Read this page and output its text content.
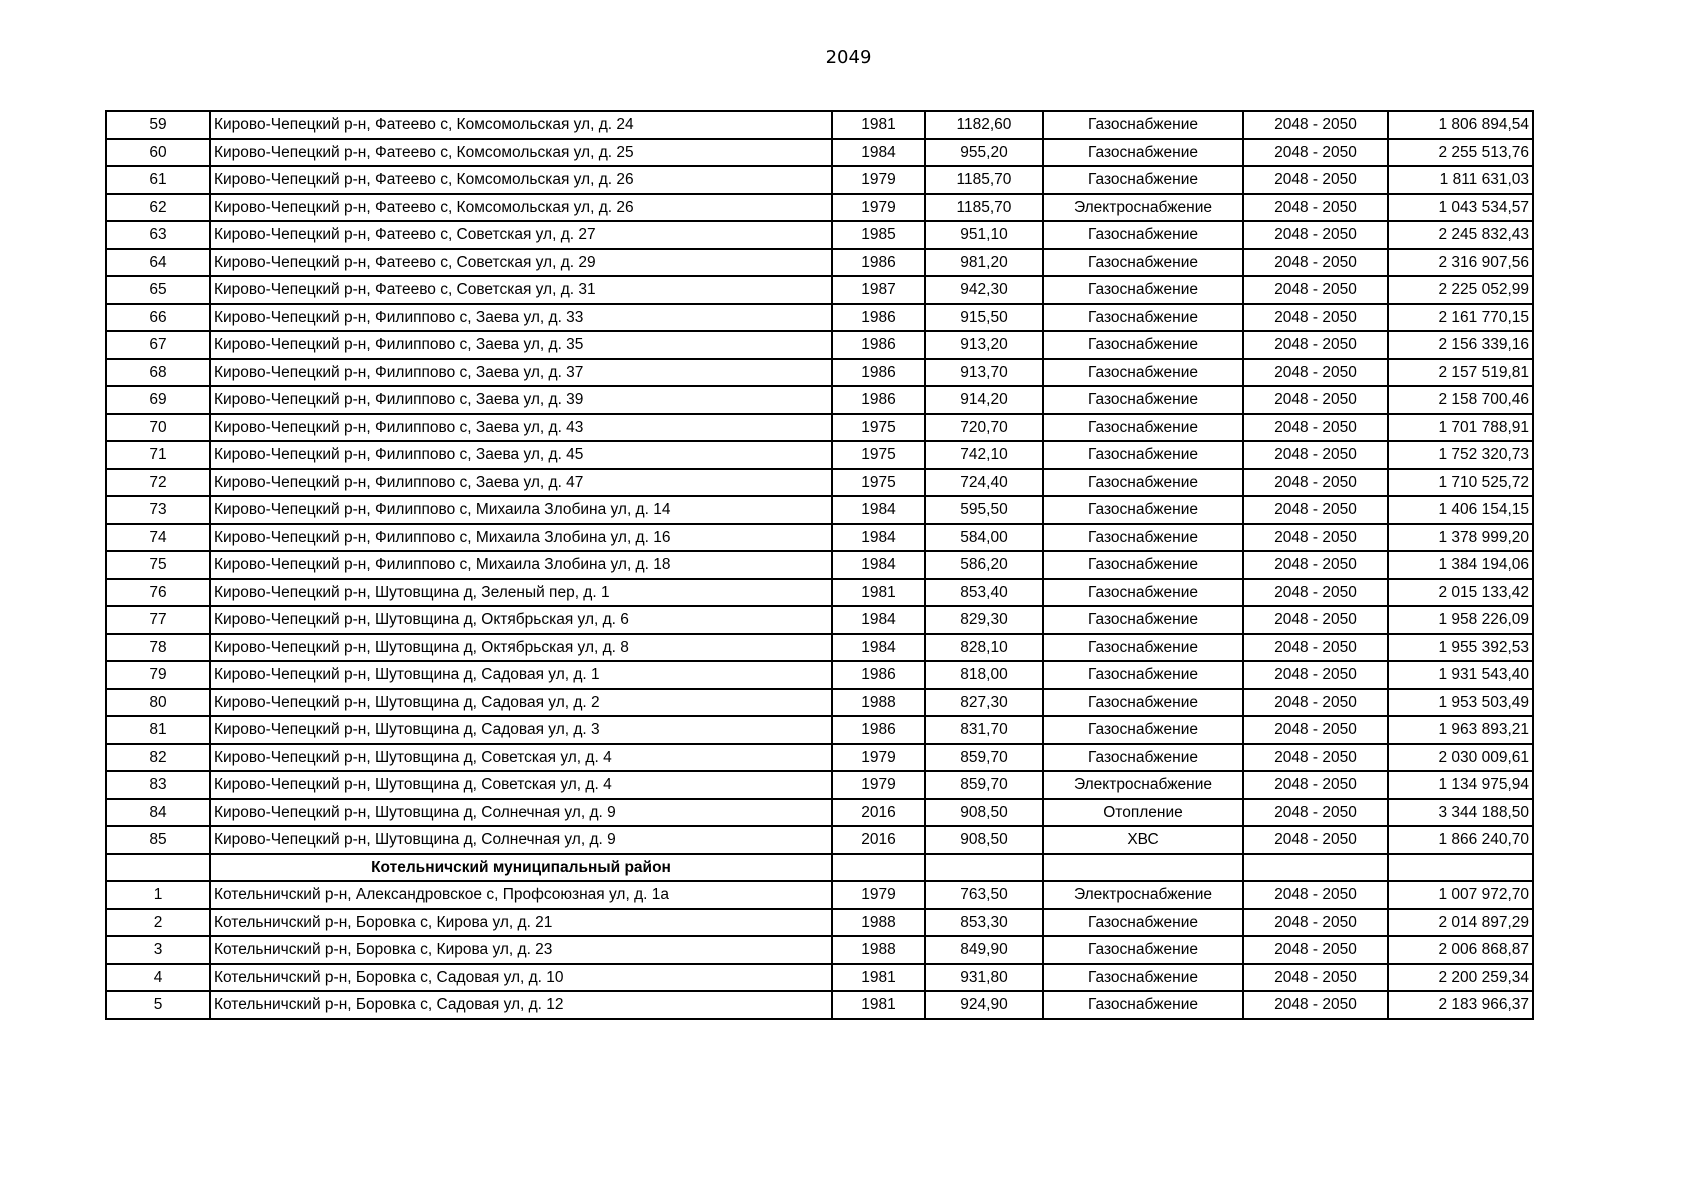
2049
59	Кирово-Чепецкий р-н, Фатеево с, Комсомольская ул, д. 24	1981	1182,60	Газоснабжение	2048 - 2050	1 806 894,54
60	Кирово-Чепецкий р-н, Фатеево с, Комсомольская ул, д. 25	1984	955,20	Газоснабжение	2048 - 2050	2 255 513,76
61	Кирово-Чепецкий р-н, Фатеево с, Комсомольская ул, д. 26	1979	1185,70	Газоснабжение	2048 - 2050	1 811 631,03
62	Кирово-Чепецкий р-н, Фатеево с, Комсомольская ул, д. 26	1979	1185,70	Электроснабжение	2048 - 2050	1 043 534,57
63	Кирово-Чепецкий р-н, Фатеево с, Советская ул, д. 27	1985	951,10	Газоснабжение	2048 - 2050	2 245 832,43
64	Кирово-Чепецкий р-н, Фатеево с, Советская ул, д. 29	1986	981,20	Газоснабжение	2048 - 2050	2 316 907,56
65	Кирово-Чепецкий р-н, Фатеево с, Советская ул, д. 31	1987	942,30	Газоснабжение	2048 - 2050	2 225 052,99
66	Кирово-Чепецкий р-н, Филиппово с, Заева ул, д. 33	1986	915,50	Газоснабжение	2048 - 2050	2 161 770,15
67	Кирово-Чепецкий р-н, Филиппово с, Заева ул, д. 35	1986	913,20	Газоснабжение	2048 - 2050	2 156 339,16
68	Кирово-Чепецкий р-н, Филиппово с, Заева ул, д. 37	1986	913,70	Газоснабжение	2048 - 2050	2 157 519,81
69	Кирово-Чепецкий р-н, Филиппово с, Заева ул, д. 39	1986	914,20	Газоснабжение	2048 - 2050	2 158 700,46
70	Кирово-Чепецкий р-н, Филиппово с, Заева ул, д. 43	1975	720,70	Газоснабжение	2048 - 2050	1 701 788,91
71	Кирово-Чепецкий р-н, Филиппово с, Заева ул, д. 45	1975	742,10	Газоснабжение	2048 - 2050	1 752 320,73
72	Кирово-Чепецкий р-н, Филиппово с, Заева ул, д. 47	1975	724,40	Газоснабжение	2048 - 2050	1 710 525,72
73	Кирово-Чепецкий р-н, Филиппово с, Михаила Злобина ул, д. 14	1984	595,50	Газоснабжение	2048 - 2050	1 406 154,15
74	Кирово-Чепецкий р-н, Филиппово с, Михаила Злобина ул, д. 16	1984	584,00	Газоснабжение	2048 - 2050	1 378 999,20
75	Кирово-Чепецкий р-н, Филиппово с, Михаила Злобина ул, д. 18	1984	586,20	Газоснабжение	2048 - 2050	1 384 194,06
76	Кирово-Чепецкий р-н, Шутовщина д, Зеленый пер, д. 1	1981	853,40	Газоснабжение	2048 - 2050	2 015 133,42
77	Кирово-Чепецкий р-н, Шутовщина д, Октябрьская ул, д. 6	1984	829,30	Газоснабжение	2048 - 2050	1 958 226,09
78	Кирово-Чепецкий р-н, Шутовщина д, Октябрьская ул, д. 8	1984	828,10	Газоснабжение	2048 - 2050	1 955 392,53
79	Кирово-Чепецкий р-н, Шутовщина д, Садовая ул, д. 1	1986	818,00	Газоснабжение	2048 - 2050	1 931 543,40
80	Кирово-Чепецкий р-н, Шутовщина д, Садовая ул, д. 2	1988	827,30	Газоснабжение	2048 - 2050	1 953 503,49
81	Кирово-Чепецкий р-н, Шутовщина д, Садовая ул, д. 3	1986	831,70	Газоснабжение	2048 - 2050	1 963 893,21
82	Кирово-Чепецкий р-н, Шутовщина д, Советская ул, д. 4	1979	859,70	Газоснабжение	2048 - 2050	2 030 009,61
83	Кирово-Чепецкий р-н, Шутовщина д, Советская ул, д. 4	1979	859,70	Электроснабжение	2048 - 2050	1 134 975,94
84	Кирово-Чепецкий р-н, Шутовщина д, Солнечная ул, д. 9	2016	908,50	Отопление	2048 - 2050	3 344 188,50
85	Кирово-Чепецкий р-н, Шутовщина д, Солнечная ул, д. 9	2016	908,50	ХВС	2048 - 2050	1 866 240,70
	Котельничский муниципальный район					
1	Котельничский р-н, Александровское с, Профсоюзная ул, д. 1а	1979	763,50	Электроснабжение	2048 - 2050	1 007 972,70
2	Котельничский р-н, Боровка с, Кирова ул, д. 21	1988	853,30	Газоснабжение	2048 - 2050	2 014 897,29
3	Котельничский р-н, Боровка с, Кирова ул, д. 23	1988	849,90	Газоснабжение	2048 - 2050	2 006 868,87
4	Котельничский р-н, Боровка с, Садовая ул, д. 10	1981	931,80	Газоснабжение	2048 - 2050	2 200 259,34
5	Котельничский р-н, Боровка с, Садовая ул, д. 12	1981	924,90	Газоснабжение	2048 - 2050	2 183 966,37
